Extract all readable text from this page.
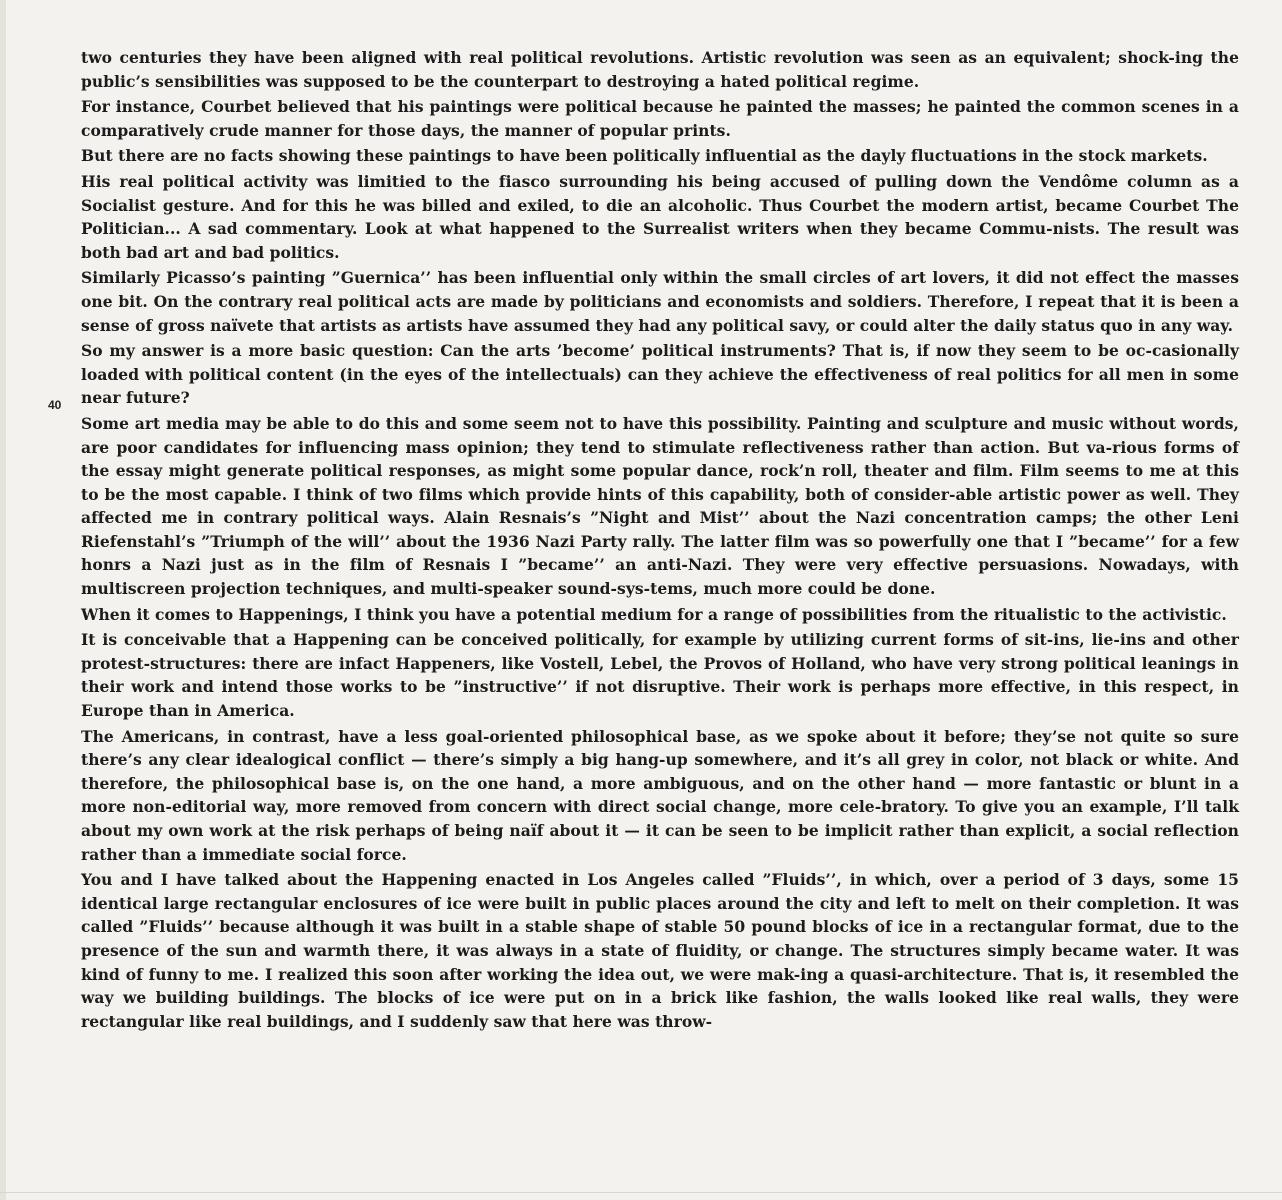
40

two centuries they have been aligned with real political revolutions. Artistic revolution was seen as an equivalent; shock-ing the public’s sensibilities was supposed to be the counterpart to destroying a hated political regime.

For instance, Courbet believed that his paintings were political because he painted the masses; he painted the common scenes in a comparatively crude manner for those days, the manner of popular prints.

But there are no facts showing these paintings to have been politically influential as the dayly fluctuations in the stock markets.

His real political activity was limitied to the fiasco surrounding his being accused of pulling down the Vendôme column as a Socialist gesture. And for this he was billed and exiled, to die an alcoholic. Thus Courbet the modern artist, became Courbet The Politician... A sad commentary. Look at what happened to the Surrealist writers when they became Commu-nists. The result was both bad art and bad politics.

Similarly Picasso’s painting ”Guernica’’ has been influential only within the small circles of art lovers, it did not effect the masses one bit. On the contrary real political acts are made by politicians and economists and soldiers. Therefore, I repeat that it is been a sense of gross naïvete that artists as artists have assumed they had any political savy, or could alter the daily status quo in any way.

So my answer is a more basic question: Can the arts ’become’ political instruments? That is, if now they seem to be oc-casionally loaded with political content (in the eyes of the intellectuals) can they achieve the effectiveness of real politics for all men in some near future?

Some art media may be able to do this and some seem not to have this possibility. Painting and sculpture and music without words, are poor candidates for influencing mass opinion; they tend to stimulate reflectiveness rather than action. But va-rious forms of the essay might generate political responses, as might some popular dance, rock’n roll, theater and film. Film seems to me at this to be the most capable. I think of two films which provide hints of this capability, both of consider-able artistic power as well. They affected me in contrary political ways. Alain Resnais’s ”Night and Mist’’ about the Nazi concentration camps; the other Leni Riefenstahl’s ”Triumph of the will’’ about the 1936 Nazi Party rally. The latter film was so powerfully one that I ”became’’ for a few honrs a Nazi just as in the film of Resnais I ”became’’ an anti-Nazi. They were very effective persuasions. Nowadays, with multiscreen projection techniques, and multi-speaker sound-sys-tems, much more could be done.

When it comes to Happenings, I think you have a potential medium for a range of possibilities from the ritualistic to the activistic.

It is conceivable that a Happening can be conceived politically, for example by utilizing current forms of sit-ins, lie-ins and other protest-structures: there are infact Happeners, like Vostell, Lebel, the Provos of Holland, who have very strong political leanings in their work and intend those works to be ”instructive’’ if not disruptive. Their work is perhaps more effective, in this respect, in Europe than in America.

The Americans, in contrast, have a less goal-oriented philosophical base, as we spoke about it before; they’se not quite so sure there’s any clear idealogical conflict — there’s simply a big hang-up somewhere, and it’s all grey in color, not black or white. And therefore, the philosophical base is, on the one hand, a more ambiguous, and on the other hand — more fantastic or blunt in a more non-editorial way, more removed from concern with direct social change, more cele-bratory. To give you an example, I’ll talk about my own work at the risk perhaps of being naïf about it — it can be seen to be implicit rather than explicit, a social reflection rather than a immediate social force.

You and I have talked about the Happening enacted in Los Angeles called ”Fluids’’, in which, over a period of 3 days, some 15 identical large rectangular enclosures of ice were built in public places around the city and left to melt on their completion. It was called ”Fluids’’ because although it was built in a stable shape of stable 50 pound blocks of ice in a rectangular format, due to the presence of the sun and warmth there, it was always in a state of fluidity, or change. The structures simply became water. It was kind of funny to me. I realized this soon after working the idea out, we were mak-ing a quasi-architecture. That is, it resembled the way we building buildings. The blocks of ice were put on in a brick like fashion, the walls looked like real walls, they were rectangular like real buildings, and I suddenly saw that here was throw-
